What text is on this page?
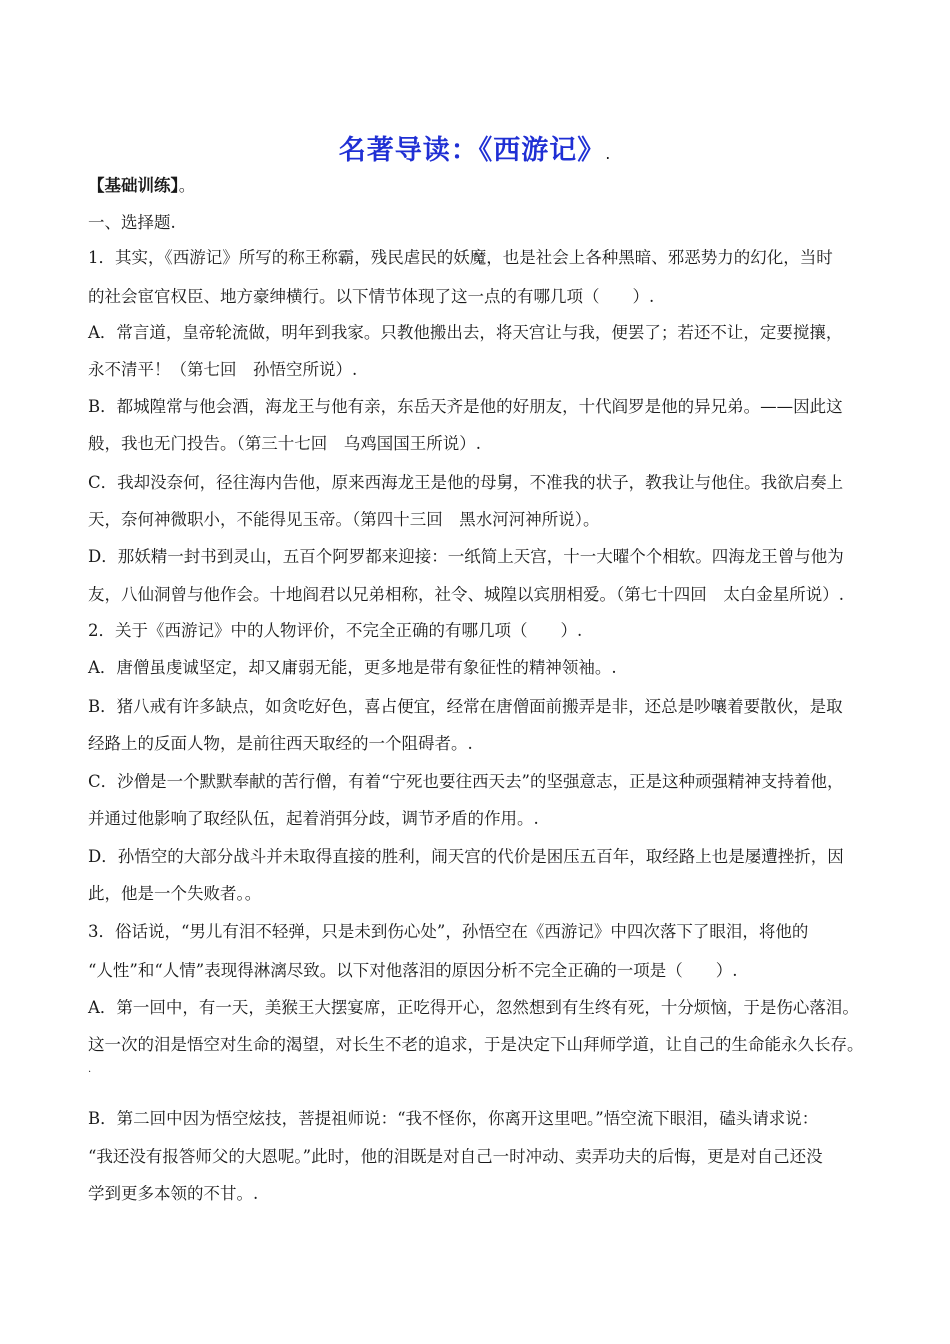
名著导读：《西游记》.
【基础训练】。
一、选择题.
1．其实，《西游记》所写的称王称霸，残民虐民的妖魔，也是社会上各种黑暗、邪恶势力的幻化，当时
的社会宦官权臣、地方豪绅横行。以下情节体现了这一点的有哪几项（　　）.
A．常言道，皇帝轮流做，明年到我家。只教他搬出去，将天宫让与我，便罢了；若还不让，定要搅攘，
永不清平！（第七回　孙悟空所说）.
B．都城隍常与他会酒，海龙王与他有亲，东岳天齐是他的好朋友，十代阎罗是他的异兄弟。——因此这
般，我也无门投告。（第三十七回　乌鸡国国王所说）.
C．我却没奈何，径往海内告他，原来西海龙王是他的母舅，不准我的状子，教我让与他住。我欲启奏上
天，奈何神微职小，不能得见玉帝。（第四十三回　黑水河河神所说）。
D．那妖精一封书到灵山，五百个阿罗都来迎接：一纸简上天宫，十一大曜个个相软。四海龙王曾与他为
友，八仙洞曾与他作会。十地阎君以兄弟相称，社令、城隍以宾朋相爱。（第七十四回　太白金星所说）.
2．关于《西游记》中的人物评价，不完全正确的有哪几项（　　）.
A．唐僧虽虔诚坚定，却又庸弱无能，更多地是带有象征性的精神领袖。.
B．猪八戒有许多缺点，如贪吃好色，喜占便宜，经常在唐僧面前搬弄是非，还总是吵嚷着要散伙，是取
经路上的反面人物，是前往西天取经的一个阻碍者。.
C．沙僧是一个默默奉献的苦行僧，有着“宁死也要往西天去”的坚强意志，正是这种顽强精神支持着他，
并通过他影响了取经队伍，起着消弭分歧，调节矛盾的作用。.
D．孙悟空的大部分战斗并未取得直接的胜利，闹天宫的代价是困压五百年，取经路上也是屡遭挫折，因
此，他是一个失败者。。
3．俗话说，“男儿有泪不轻弹，只是未到伤心处”，孙悟空在《西游记》中四次落下了眼泪，将他的
“人性”和“人情”表现得淋漓尽致。以下对他落泪的原因分析不完全正确的一项是（　　）.
A．第一回中，有一天，美猴王大摆宴席，正吃得开心，忽然想到有生终有死，十分烦恼，于是伤心落泪。
这一次的泪是悟空对生命的渴望，对长生不老的追求，于是决定下山拜师学道，让自己的生命能永久长存。
.
B．第二回中因为悟空炫技，菩提祖师说：“我不怪你，你离开这里吧。”悟空流下眼泪，磕头请求说：
“我还没有报答师父的大恩呢。”此时，他的泪既是对自己一时冲动、卖弄功夫的后悔，更是对自己还没
学到更多本领的不甘。.
